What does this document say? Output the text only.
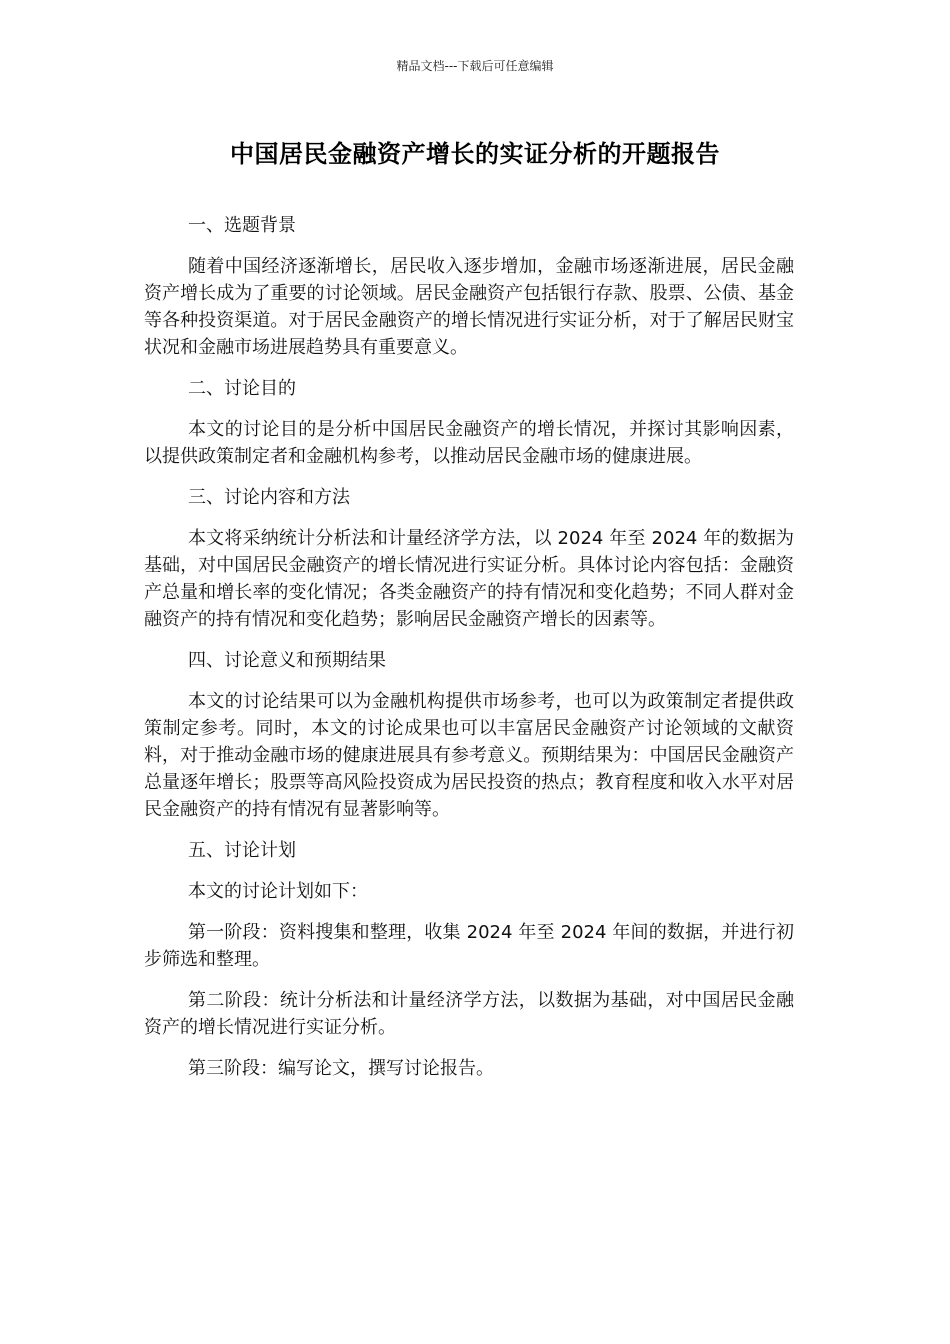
精品文档---下载后可任意编辑
中国居民金融资产增长的实证分析的开题报告
一、选题背景
随着中国经济逐渐增长，居民收入逐步增加，金融市场逐渐进展，居民金融资产增长成为了重要的讨论领域。居民金融资产包括银行存款、股票、公债、基金等各种投资渠道。对于居民金融资产的增长情况进行实证分析，对于了解居民财宝状况和金融市场进展趋势具有重要意义。
二、讨论目的
本文的讨论目的是分析中国居民金融资产的增长情况，并探讨其影响因素，以提供政策制定者和金融机构参考，以推动居民金融市场的健康进展。
三、讨论内容和方法
本文将采纳统计分析法和计量经济学方法，以 2024 年至 2024 年的数据为基础，对中国居民金融资产的增长情况进行实证分析。具体讨论内容包括：金融资产总量和增长率的变化情况；各类金融资产的持有情况和变化趋势；不同人群对金融资产的持有情况和变化趋势；影响居民金融资产增长的因素等。
四、讨论意义和预期结果
本文的讨论结果可以为金融机构提供市场参考，也可以为政策制定者提供政策制定参考。同时，本文的讨论成果也可以丰富居民金融资产讨论领域的文献资料，对于推动金融市场的健康进展具有参考意义。预期结果为：中国居民金融资产总量逐年增长；股票等高风险投资成为居民投资的热点；教育程度和收入水平对居民金融资产的持有情况有显著影响等。
五、讨论计划
本文的讨论计划如下：
第一阶段：资料搜集和整理，收集 2024 年至 2024 年间的数据，并进行初步筛选和整理。
第二阶段：统计分析法和计量经济学方法，以数据为基础，对中国居民金融资产的增长情况进行实证分析。
第三阶段：编写论文，撰写讨论报告。
